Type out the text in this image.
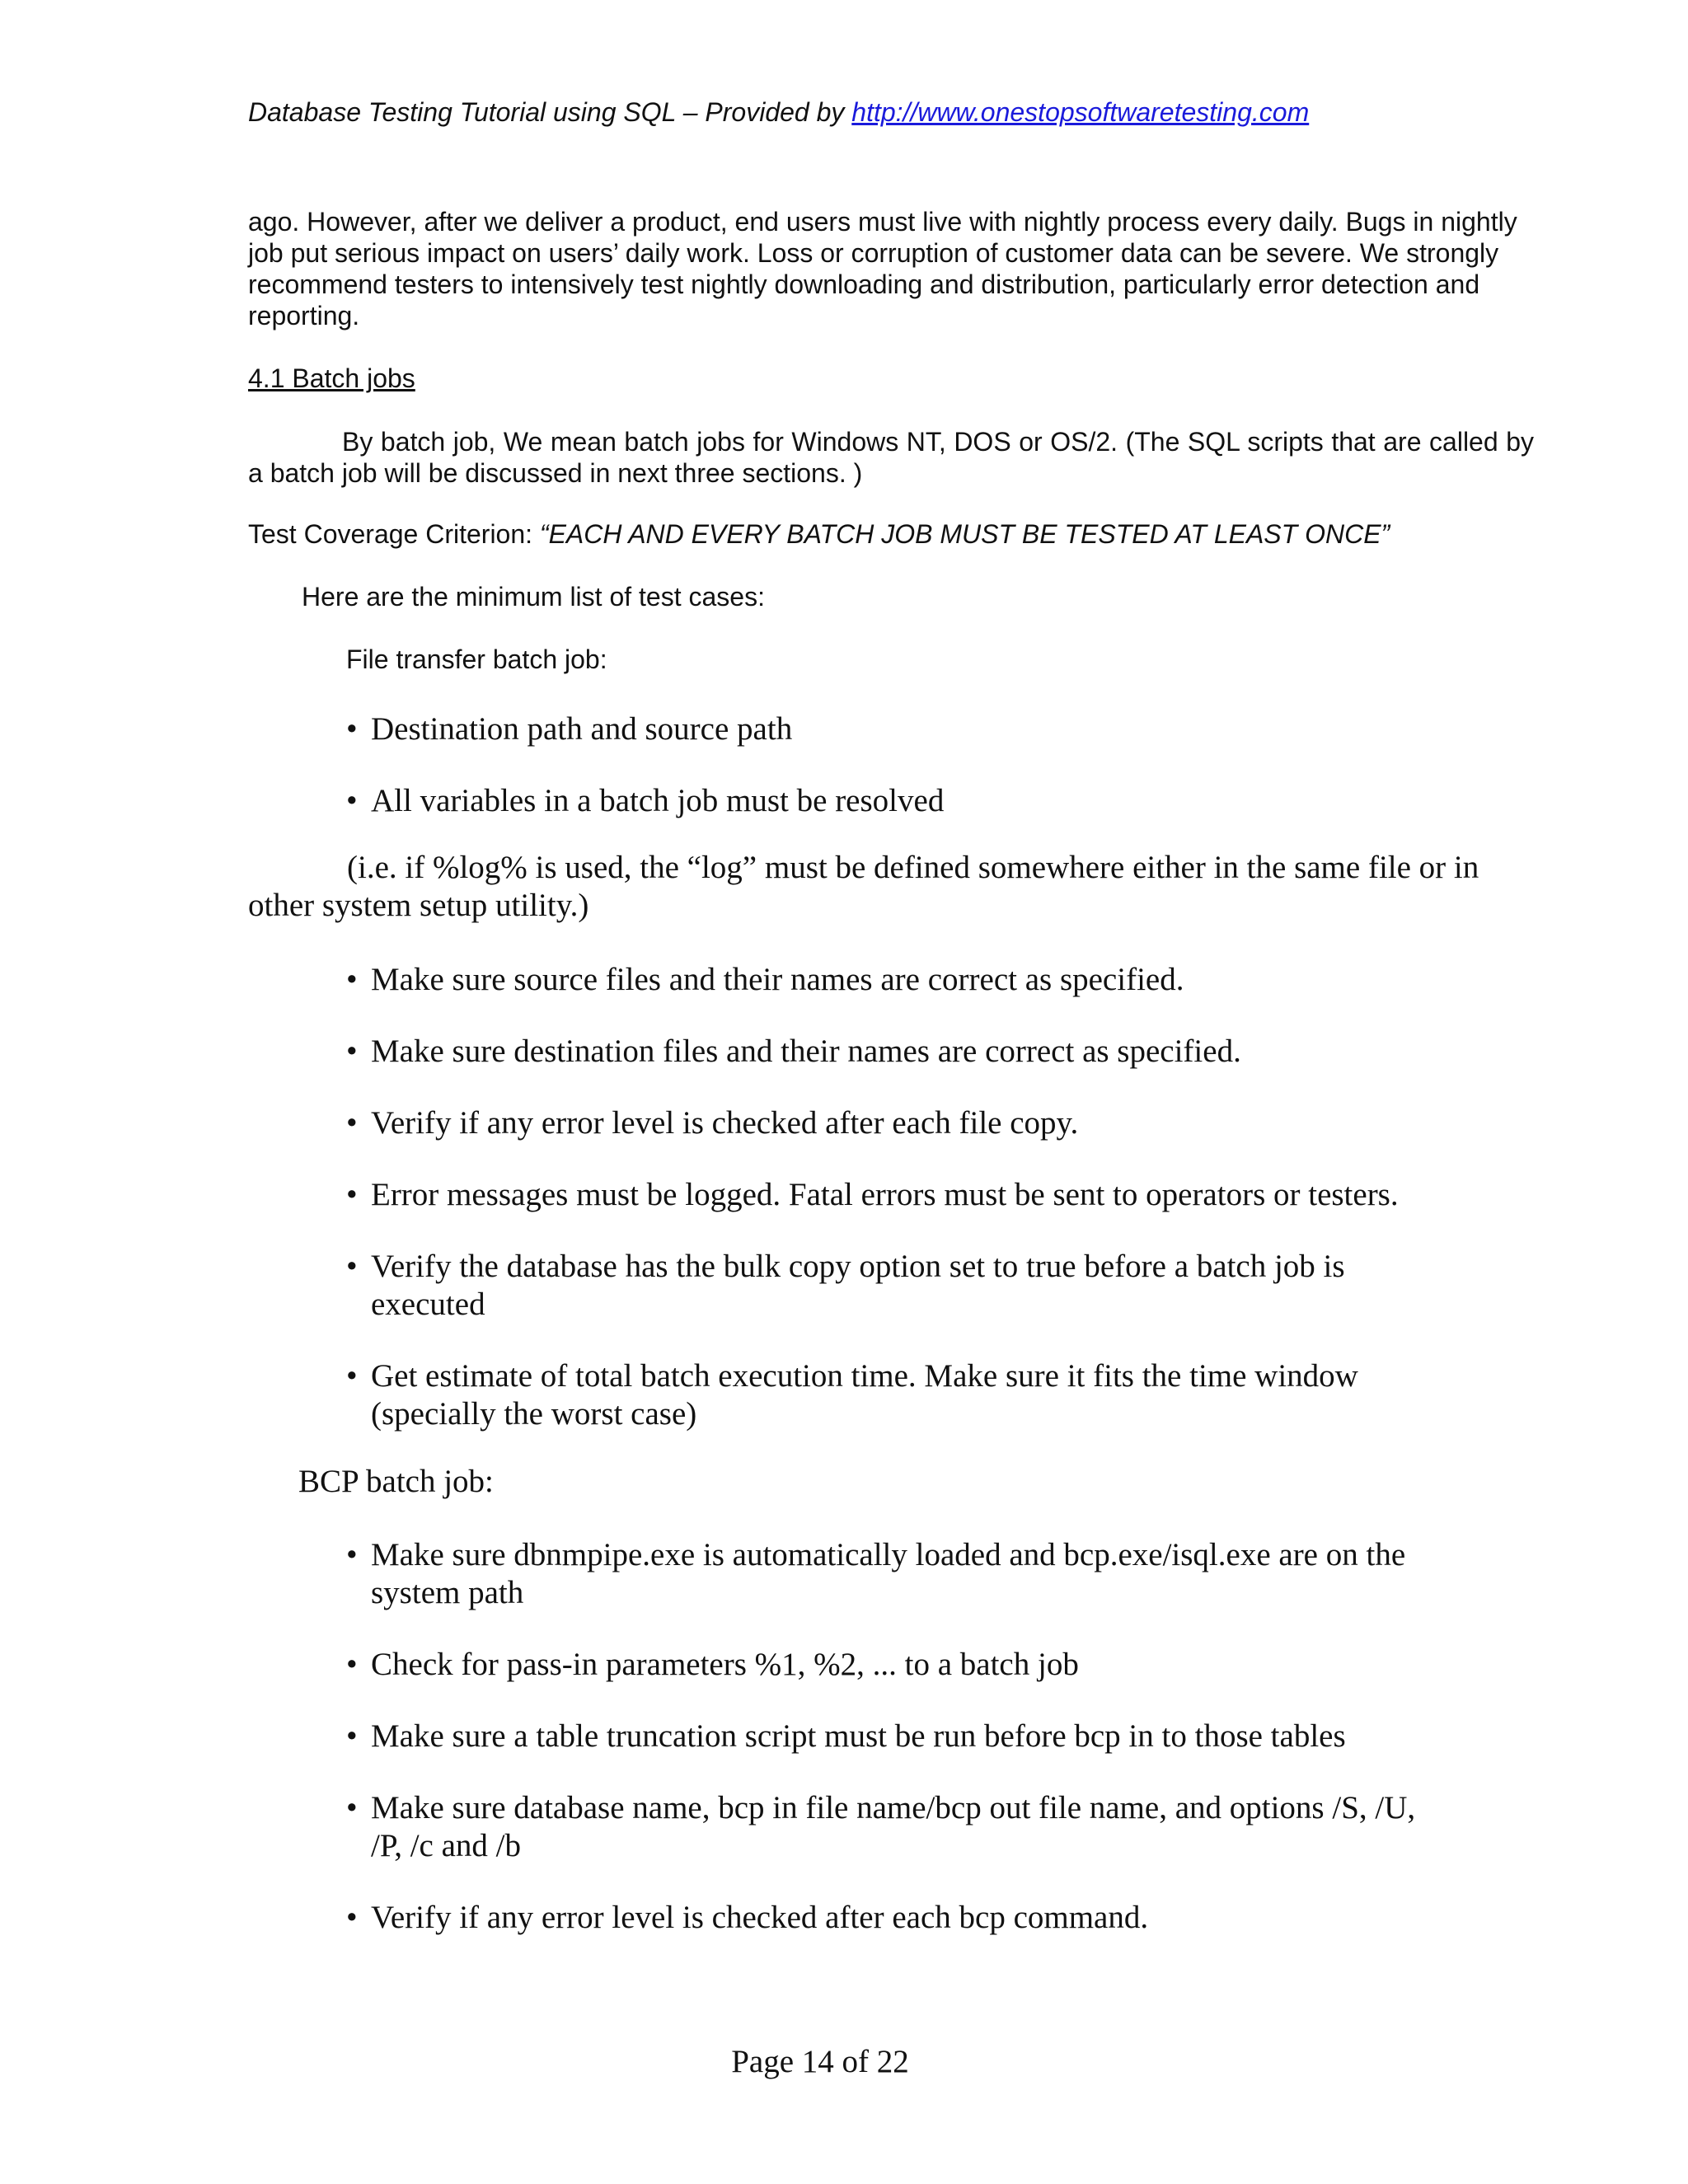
Database Testing Tutorial using SQL – Provided by http://www.onestopsoftwaretesting.com

ago. However, after we deliver a product, end users must live with nightly process every daily. Bugs in nightly job put serious impact on users’ daily work. Loss or corruption of customer data can be severe. We strongly recommend testers to intensively test nightly downloading and distribution, particularly error detection and reporting.

4.1 Batch jobs

By batch job, We mean batch jobs for Windows NT, DOS or OS/2. (The SQL scripts that are called by a batch job will be discussed in next three sections. )

Test Coverage Criterion: “EACH AND EVERY BATCH JOB MUST BE TESTED AT LEAST ONCE”

Here are the minimum list of test cases:

File transfer batch job:

• Destination path and source path
• All variables in a batch job must be resolved

(i.e. if %log% is used, the “log” must be defined somewhere either in the same file or in other system setup utility.)

• Make sure source files and their names are correct as specified.
• Make sure destination files and their names are correct as specified.
• Verify if any error level is checked after each file copy.
• Error messages must be logged. Fatal errors must be sent to operators or testers.
• Verify the database has the bulk copy option set to true before a batch job is executed
• Get estimate of total batch execution time. Make sure it fits the time window (specially the worst case)

BCP batch job:

• Make sure dbnmpipe.exe is automatically loaded and bcp.exe/isql.exe are on the system path
• Check for pass-in parameters %1, %2, ... to a batch job
• Make sure a table truncation script must be run before bcp in to those tables
• Make sure database name, bcp in file name/bcp out file name, and options /S, /U, /P, /c and /b
• Verify if any error level is checked after each bcp command.

Page 14 of 22
